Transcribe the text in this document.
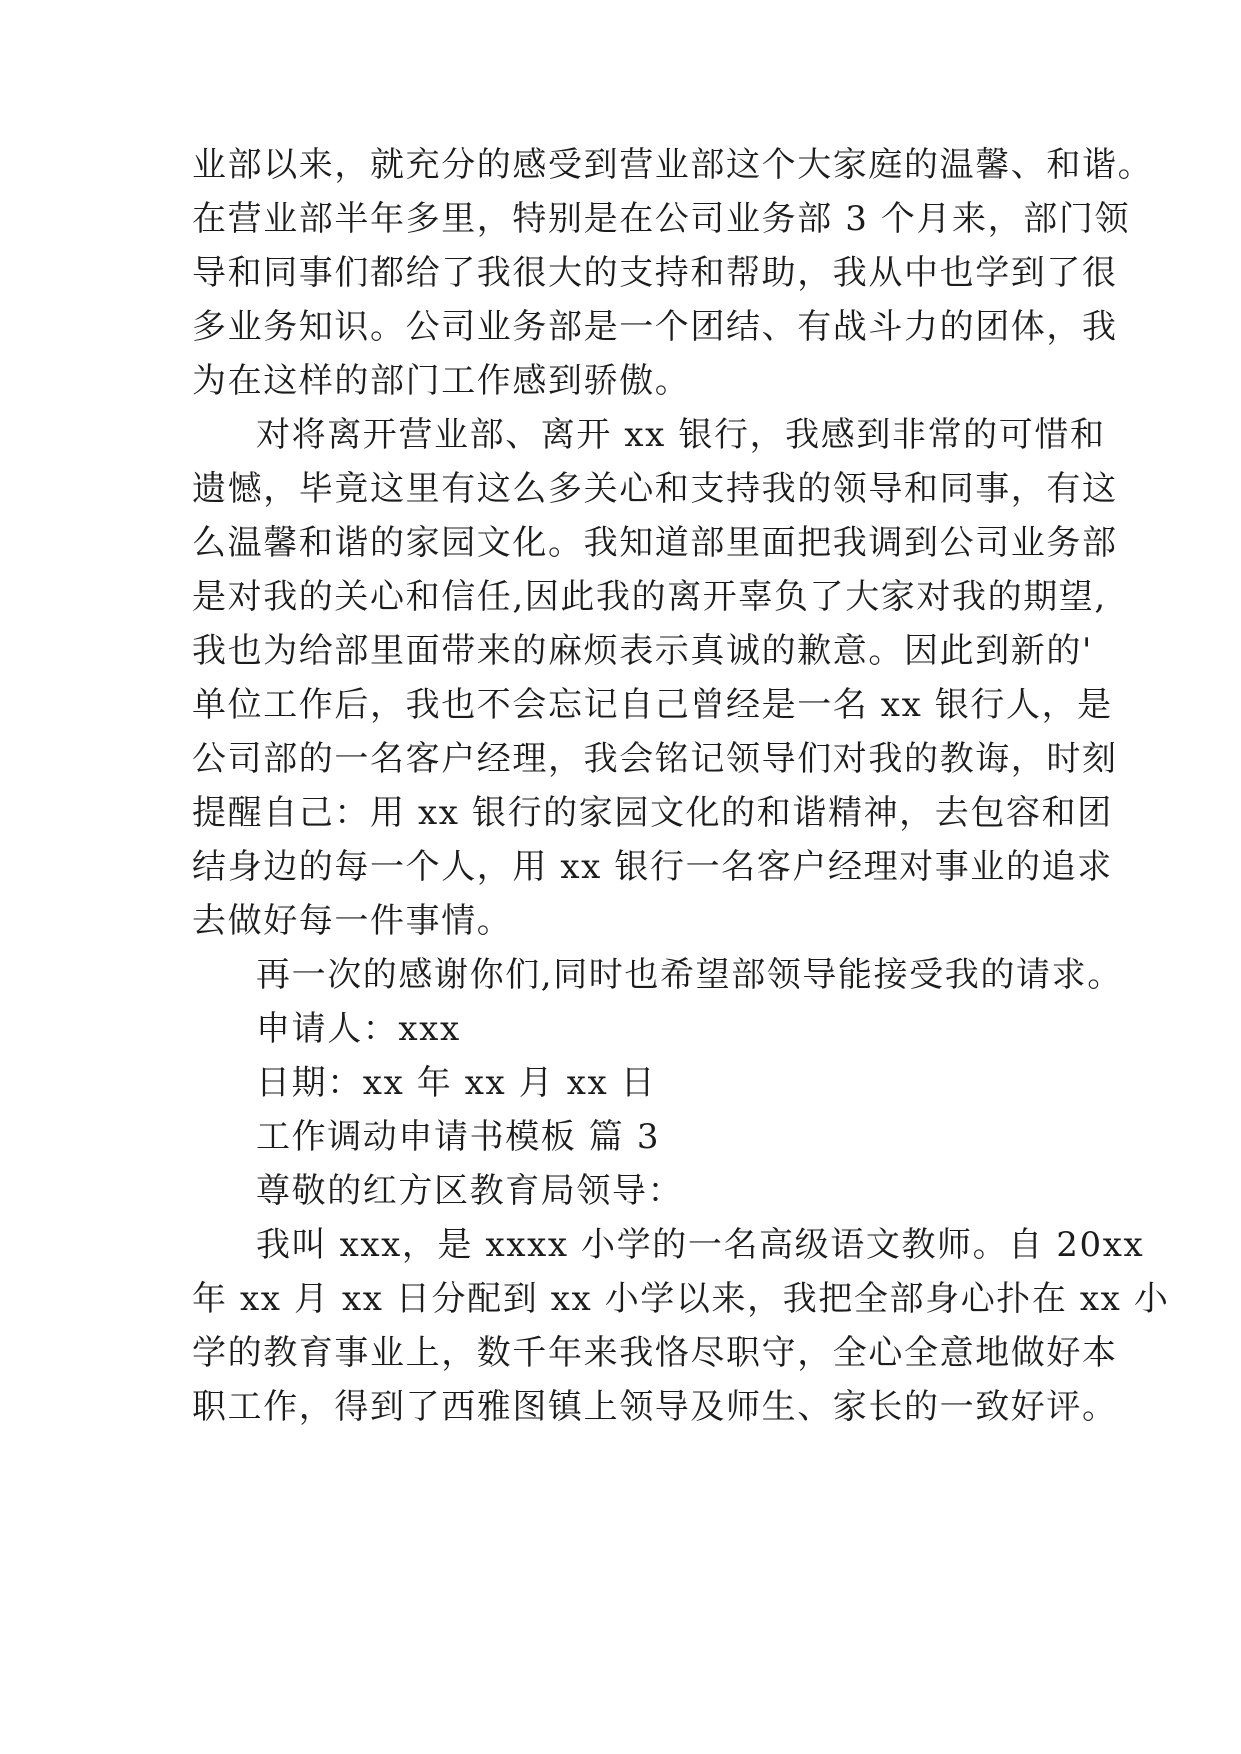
业部以来，就充分的感受到营业部这个大家庭的温馨、和谐。
在营业部半年多里，特别是在公司业务部 3 个月来，部门领
导和同事们都给了我很大的支持和帮助，我从中也学到了很
多业务知识。公司业务部是一个团结、有战斗力的团体，我
为在这样的部门工作感到骄傲。
对将离开营业部、离开 xx 银行，我感到非常的可惜和
遗憾，毕竟这里有这么多关心和支持我的领导和同事，有这
么温馨和谐的家园文化。我知道部里面把我调到公司业务部
是对我的关心和信任,因此我的离开辜负了大家对我的期望,
我也为给部里面带来的麻烦表示真诚的歉意。因此到新的'
单位工作后，我也不会忘记自己曾经是一名 xx 银行人，是
公司部的一名客户经理，我会铭记领导们对我的教诲，时刻
提醒自己：用 xx 银行的家园文化的和谐精神，去包容和团
结身边的每一个人，用 xx 银行一名客户经理对事业的追求
去做好每一件事情。
再一次的感谢你们,同时也希望部领导能接受我的请求。
申请人：xxx
日期：xx 年 xx 月 xx 日
工作调动申请书模板 篇 3
尊敬的红方区教育局领导：
我叫 xxx，是 xxxx 小学的一名高级语文教师。自 20xx
年 xx 月 xx 日分配到 xx 小学以来，我把全部身心扑在 xx 小
学的教育事业上，数千年来我恪尽职守，全心全意地做好本
职工作，得到了西雅图镇上领导及师生、家长的一致好评。
